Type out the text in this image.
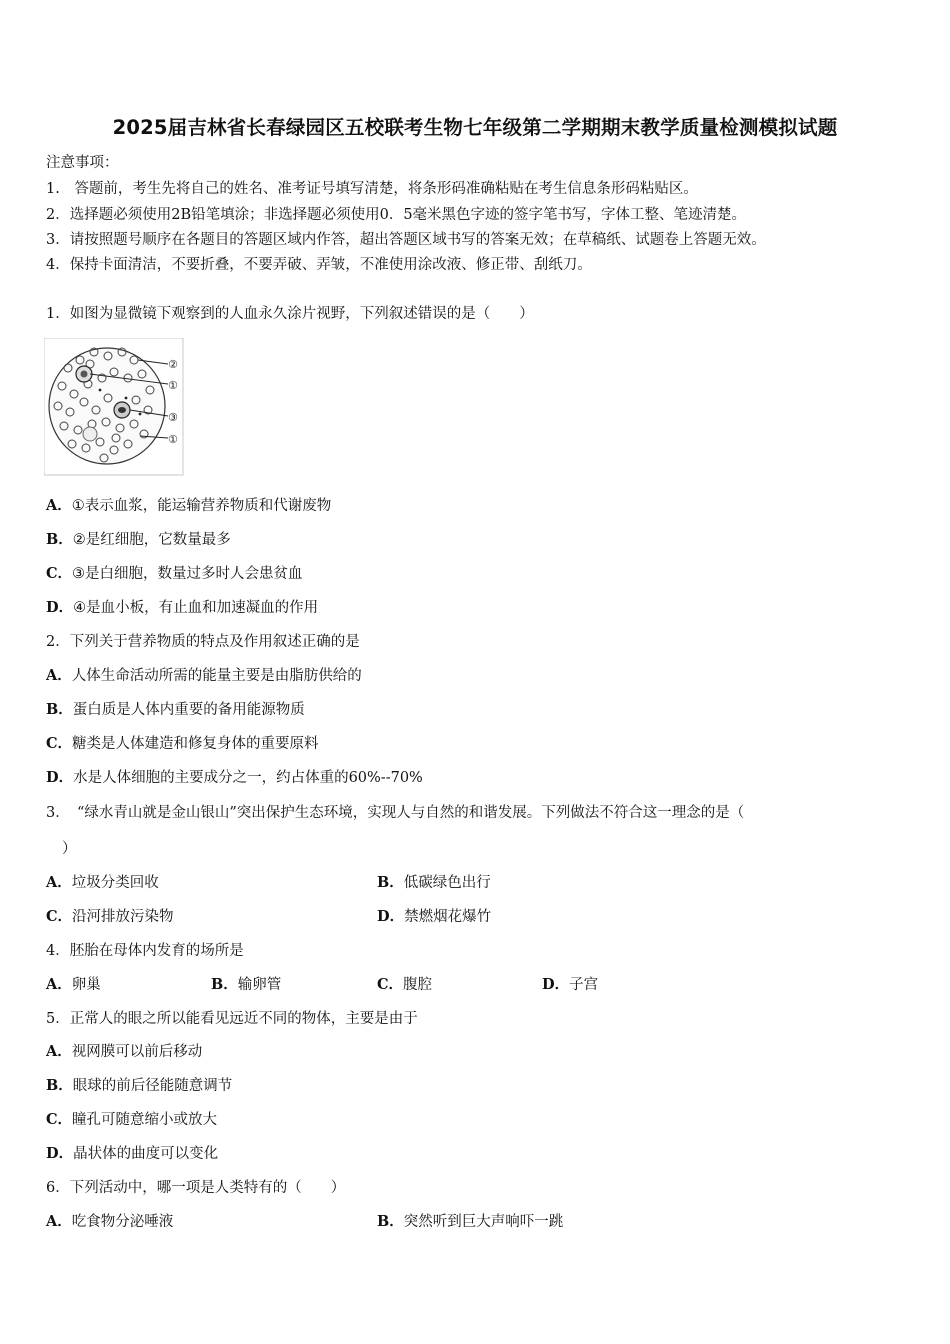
2025届吉林省长春绿园区五校联考生物七年级第二学期期末教学质量检测模拟试题
注意事项：
1.　答题前，考生先将自己的姓名、准考证号填写清楚，将条形码准确粘贴在考生信息条形码粘贴区。
2．选择题必须使用2B铅笔填涂；非选择题必须使用0．5毫米黑色字迹的签字笔书写，字体工整、笔迹清楚。
3．请按照题号顺序在各题目的答题区域内作答，超出答题区域书写的答案无效；在草稿纸、试题卷上答题无效。
4．保持卡面清洁，不要折叠，不要弄破、弄皱，不准使用涂改液、修正带、刮纸刀。
1．如图为显微镜下观察到的人血永久涂片视野，下列叙述错误的是（　　）
②
①
③
①
A．①表示血浆，能运输营养物质和代谢废物
B．②是红细胞，它数量最多
C．③是白细胞，数量过多时人会患贫血
D．④是血小板，有止血和加速凝血的作用
2．下列关于营养物质的特点及作用叙述正确的是
A．人体生命活动所需的能量主要是由脂肪供给的
B．蛋白质是人体内重要的备用能源物质
C．糖类是人体建造和修复身体的重要原料
D．水是人体细胞的主要成分之一，约占体重的60%--70%
3．　“绿水青山就是金山银山”突出保护生态环境，实现人与自然的和谐发展。下列做法不符合这一理念的是（
）
A．垃圾分类回收	B．低碳绿色出行
C．沿河排放污染物	D．禁燃烟花爆竹
4．胚胎在母体内发育的场所是
A．卵巢	B．输卵管	C．腹腔	D．子宫
5．正常人的眼之所以能看见远近不同的物体，主要是由于
A．视网膜可以前后移动
B．眼球的前后径能随意调节
C．瞳孔可随意缩小或放大
D．晶状体的曲度可以变化
6．下列活动中，哪一项是人类特有的（　　）
A．吃食物分泌唾液	B．突然听到巨大声响吓一跳
